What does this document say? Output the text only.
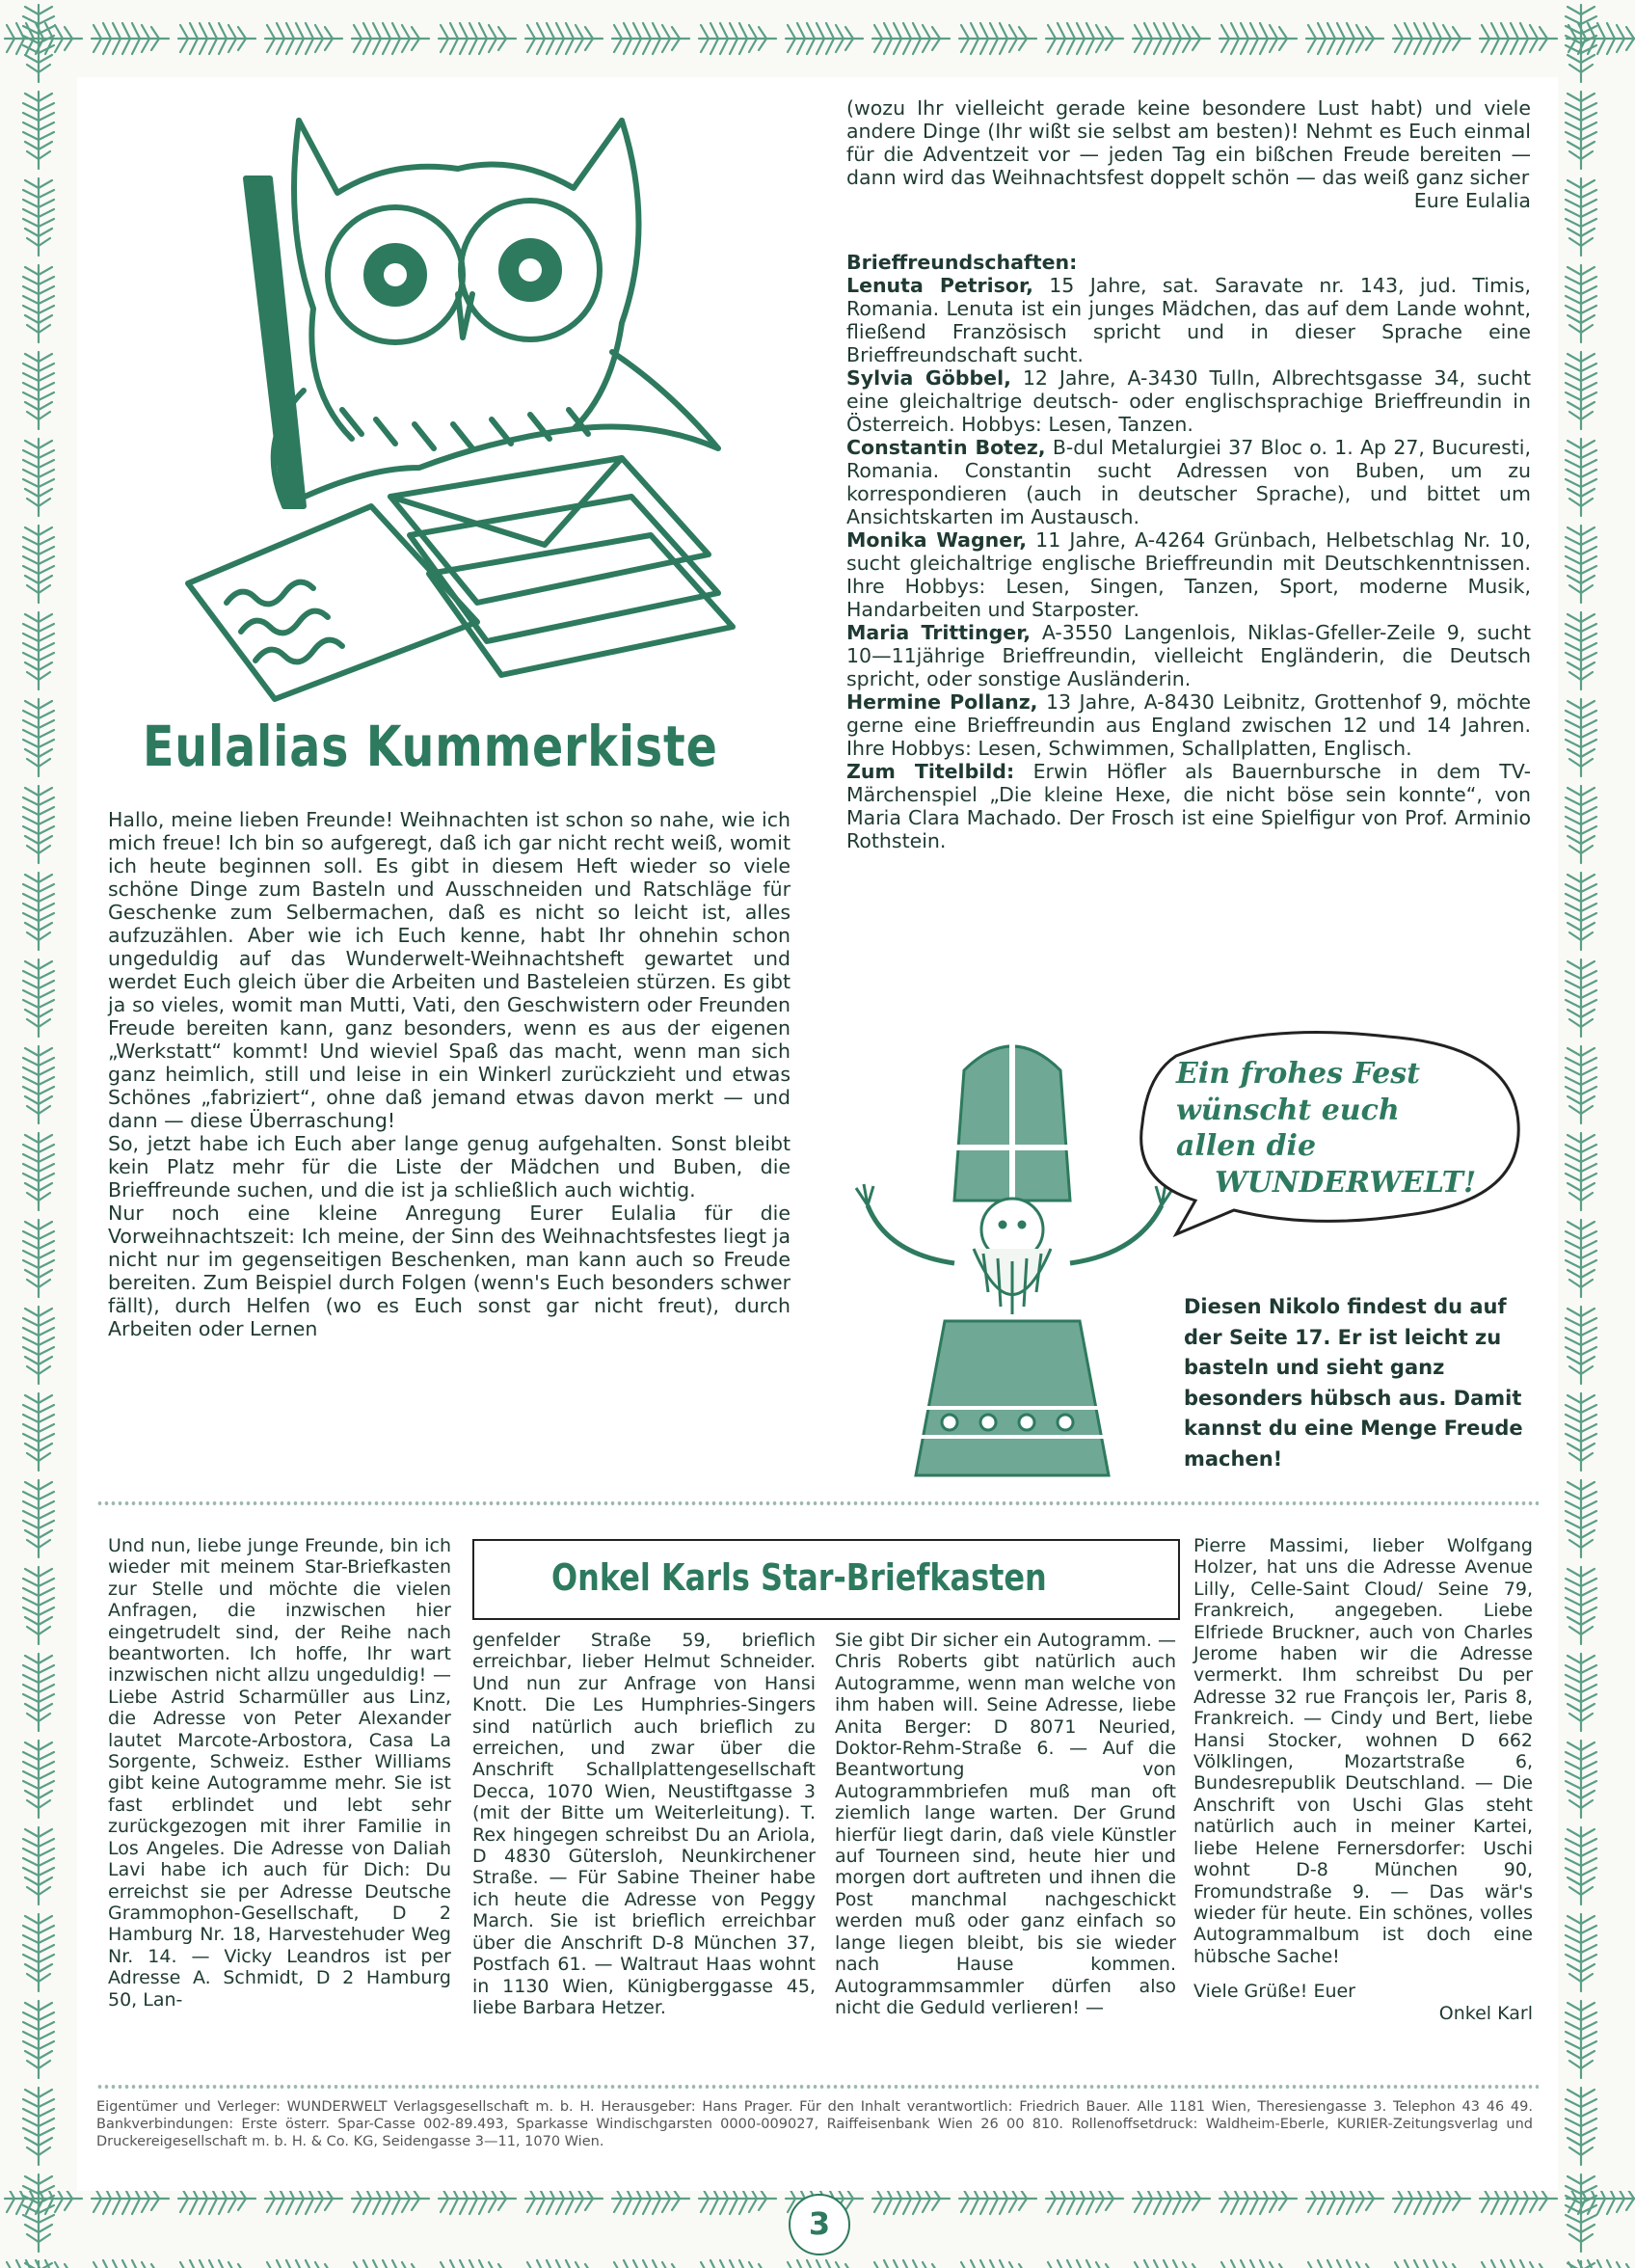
Eulalias Kummerkiste

Hallo, meine lieben Freunde! Weihnachten ist schon so nahe, wie ich mich freue! Ich bin so aufgeregt, daß ich gar nicht recht weiß, womit ich heute beginnen soll. Es gibt in diesem Heft wieder so viele schöne Dinge zum Basteln und Ausschneiden und Ratschläge für Geschenke zum Selbermachen, daß es nicht so leicht ist, alles aufzuzählen. Aber wie ich Euch kenne, habt Ihr ohnehin schon ungeduldig auf das Wunderwelt-Weihnachtsheft gewartet und werdet Euch gleich über die Arbeiten und Basteleien stürzen. Es gibt ja so vieles, womit man Mutti, Vati, den Geschwistern oder Freunden Freude bereiten kann, ganz besonders, wenn es aus der eigenen „Werkstatt“ kommt! Und wieviel Spaß das macht, wenn man sich ganz heimlich, still und leise in ein Winkerl zurückzieht und etwas Schönes „fabriziert“, ohne daß jemand etwas davon merkt — und dann — diese Überraschung!

So, jetzt habe ich Euch aber lange genug aufgehalten. Sonst bleibt kein Platz mehr für die Liste der Mädchen und Buben, die Brieffreunde suchen, und die ist ja schließlich auch wichtig.

Nur noch eine kleine Anregung Eurer Eulalia für die Vorweihnachtszeit: Ich meine, der Sinn des Weihnachtsfestes liegt ja nicht nur im gegenseitigen Beschenken, man kann auch so Freude bereiten. Zum Beispiel durch Folgen (wenn's Euch besonders schwer fällt), durch Helfen (wo es Euch sonst gar nicht freut), durch Arbeiten oder Lernen

(wozu Ihr vielleicht gerade keine besondere Lust habt) und viele andere Dinge (Ihr wißt sie selbst am besten)! Nehmt es Euch einmal für die Adventzeit vor — jeden Tag ein bißchen Freude bereiten — dann wird das Weihnachtsfest doppelt schön — das weiß ganz sicher

Eure Eulalia

Brieffreundschaften:

Lenuta Petrisor, 15 Jahre, sat. Saravate nr. 143, jud. Timis, Romania. Lenuta ist ein junges Mädchen, das auf dem Lande wohnt, fließend Französisch spricht und in dieser Sprache eine Brieffreundschaft sucht.

Sylvia Göbbel, 12 Jahre, A-3430 Tulln, Albrechtsgasse 34, sucht eine gleichaltrige deutsch- oder englischsprachige Brieffreundin in Österreich. Hobbys: Lesen, Tanzen.

Constantin Botez, B-dul Metalurgiei 37 Bloc o. 1. Ap 27, Bucuresti, Romania. Constantin sucht Adressen von Buben, um zu korrespondieren (auch in deutscher Sprache), und bittet um Ansichtskarten im Austausch.

Monika Wagner, 11 Jahre, A-4264 Grünbach, Helbetschlag Nr. 10, sucht gleichaltrige englische Brieffreundin mit Deutschkenntnissen. Ihre Hobbys: Lesen, Singen, Tanzen, Sport, moderne Musik, Handarbeiten und Starposter.

Maria Trittinger, A-3550 Langenlois, Niklas-Gfeller-Zeile 9, sucht 10—11jährige Brieffreundin, vielleicht Engländerin, die Deutsch spricht, oder sonstige Ausländerin.

Hermine Pollanz, 13 Jahre, A-8430 Leibnitz, Grottenhof 9, möchte gerne eine Brieffreundin aus England zwischen 12 und 14 Jahren. Ihre Hobbys: Lesen, Schwimmen, Schallplatten, Englisch.

Zum Titelbild: Erwin Höfler als Bauernbursche in dem TV-Märchenspiel „Die kleine Hexe, die nicht böse sein konnte“, von Maria Clara Machado. Der Frosch ist eine Spielfigur von Prof. Arminio Rothstein.

Ein frohes Fest
wünscht euch
allen die
WUNDERWELT!
Diesen Nikolo findest du auf der Seite 17. Er ist leicht zu basteln und sieht ganz besonders hübsch aus. Damit kannst du eine Menge Freude machen!
Onkel Karls Star-Briefkasten
Und nun, liebe junge Freunde, bin ich wieder mit meinem Star-Briefkasten zur Stelle und möchte die vielen Anfragen, die inzwischen hier eingetrudelt sind, der Reihe nach beantworten. Ich hoffe, Ihr wart inzwischen nicht allzu ungeduldig! — Liebe Astrid Scharmüller aus Linz, die Adresse von Peter Alexander lautet Marcote-Arbostora, Casa La Sorgente, Schweiz. Esther Williams gibt keine Autogramme mehr. Sie ist fast erblindet und lebt sehr zurückgezogen mit ihrer Familie in Los Angeles. Die Adresse von Daliah Lavi habe ich auch für Dich: Du erreichst sie per Adresse Deutsche Grammophon-Gesellschaft, D 2 Hamburg Nr. 18, Harvestehuder Weg Nr. 14. — Vicky Leandros ist per Adresse A. Schmidt, D 2 Hamburg 50, Lan-
genfelder Straße 59, brieflich erreichbar, lieber Helmut Schneider. Und nun zur Anfrage von Hansi Knott. Die Les Humphries-Singers sind natürlich auch brieflich zu erreichen, und zwar über die Anschrift Schallplattengesellschaft Decca, 1070 Wien, Neustiftgasse 3 (mit der Bitte um Weiterleitung). T. Rex hingegen schreibst Du an Ariola, D 4830 Gütersloh, Neunkirchener Straße. — Für Sabine Theiner habe ich heute die Adresse von Peggy March. Sie ist brieflich erreichbar über die Anschrift D-8 München 37, Postfach 61. — Waltraut Haas wohnt in 1130 Wien, Künigberggasse 45, liebe Barbara Hetzer.
Sie gibt Dir sicher ein Autogramm. — Chris Roberts gibt natürlich auch Autogramme, wenn man welche von ihm haben will. Seine Adresse, liebe Anita Berger: D 8071 Neuried, Doktor-Rehm-Straße 6. — Auf die Beantwortung von Autogrammbriefen muß man oft ziemlich lange warten. Der Grund hierfür liegt darin, daß viele Künstler auf Tourneen sind, heute hier und morgen dort auftreten und ihnen die Post manchmal nachgeschickt werden muß oder ganz einfach so lange liegen bleibt, bis sie wieder nach Hause kommen. Autogrammsammler dürfen also nicht die Geduld verlieren! —
Pierre Massimi, lieber Wolfgang Holzer, hat uns die Adresse Avenue Lilly, Celle-Saint Cloud/ Seine 79, Frankreich, angegeben. Liebe Elfriede Bruckner, auch von Charles Jerome haben wir die Adresse vermerkt. Ihm schreibst Du per Adresse 32 rue François ler, Paris 8, Frankreich. — Cindy und Bert, liebe Hansi Stocker, wohnen D 662 Völklingen, Mozartstraße 6, Bundesrepublik Deutschland. — Die Anschrift von Uschi Glas steht natürlich auch in meiner Kartei, liebe Helene Fernersdorfer: Uschi wohnt D-8 München 90, Fromundstraße 9. — Das wär's wieder für heute. Ein schönes, volles Autogrammalbum ist doch eine hübsche Sache!
Viele Grüße! Euer
Onkel Karl
Eigentümer und Verleger: WUNDERWELT Verlagsgesellschaft m. b. H. Herausgeber: Hans Prager. Für den Inhalt verantwortlich: Friedrich Bauer. Alle 1181 Wien, Theresiengasse 3. Telephon 43 46 49. Bankverbindungen: Erste österr. Spar-Casse 002-89.493, Sparkasse Windischgarsten 0000-009027, Raiffeisenbank Wien 26 00 810. Rollenoffsetdruck: Waldheim-Eberle, KURIER-Zeitungsverlag und Druckereigesellschaft m. b. H. & Co. KG, Seidengasse 3—11, 1070 Wien.
3
